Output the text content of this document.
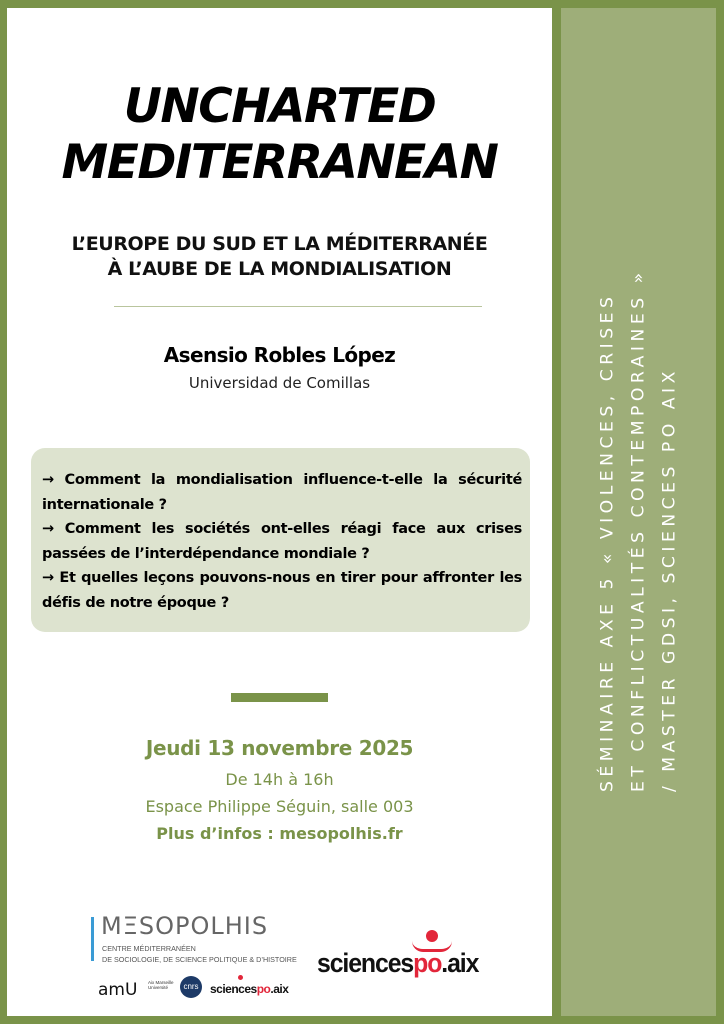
UNCHARTED
MEDITERRANEAN
L’EUROPE DU SUD ET LA MÉDITERRANÉE
À L’AUBE DE LA MONDIALISATION
Asensio Robles López
Universidad de Comillas

→ Comment la mondialisation influence-t-elle la sécurité internationale ?

→ Comment les sociétés ont-elles réagi face aux crises passées de l’interdépendance mondiale ?

→ Et quelles leçons pouvons-nous en tirer pour affronter les défis de notre époque ?

Jeudi 13 novembre 2025
De 14h à 16h
Espace Philippe Séguin, salle 003
Plus d’infos : mesopolhis.fr
MΞSOPOLHIS
CENTRE MÉDITERRANÉEN
DE SOCIOLOGIE, DE SCIENCE POLITIQUE & D’HISTOIRE
amU Aix Marseille Université	cnrs sciencespo.aix
sciencespo.aix
SÉMINAIRE AXE 5 « VIOLENCES, CRISES ET CONFLICTUALITÉS CONTEMPORAINES » / MASTER GDSI, SCIENCES PO AIX
